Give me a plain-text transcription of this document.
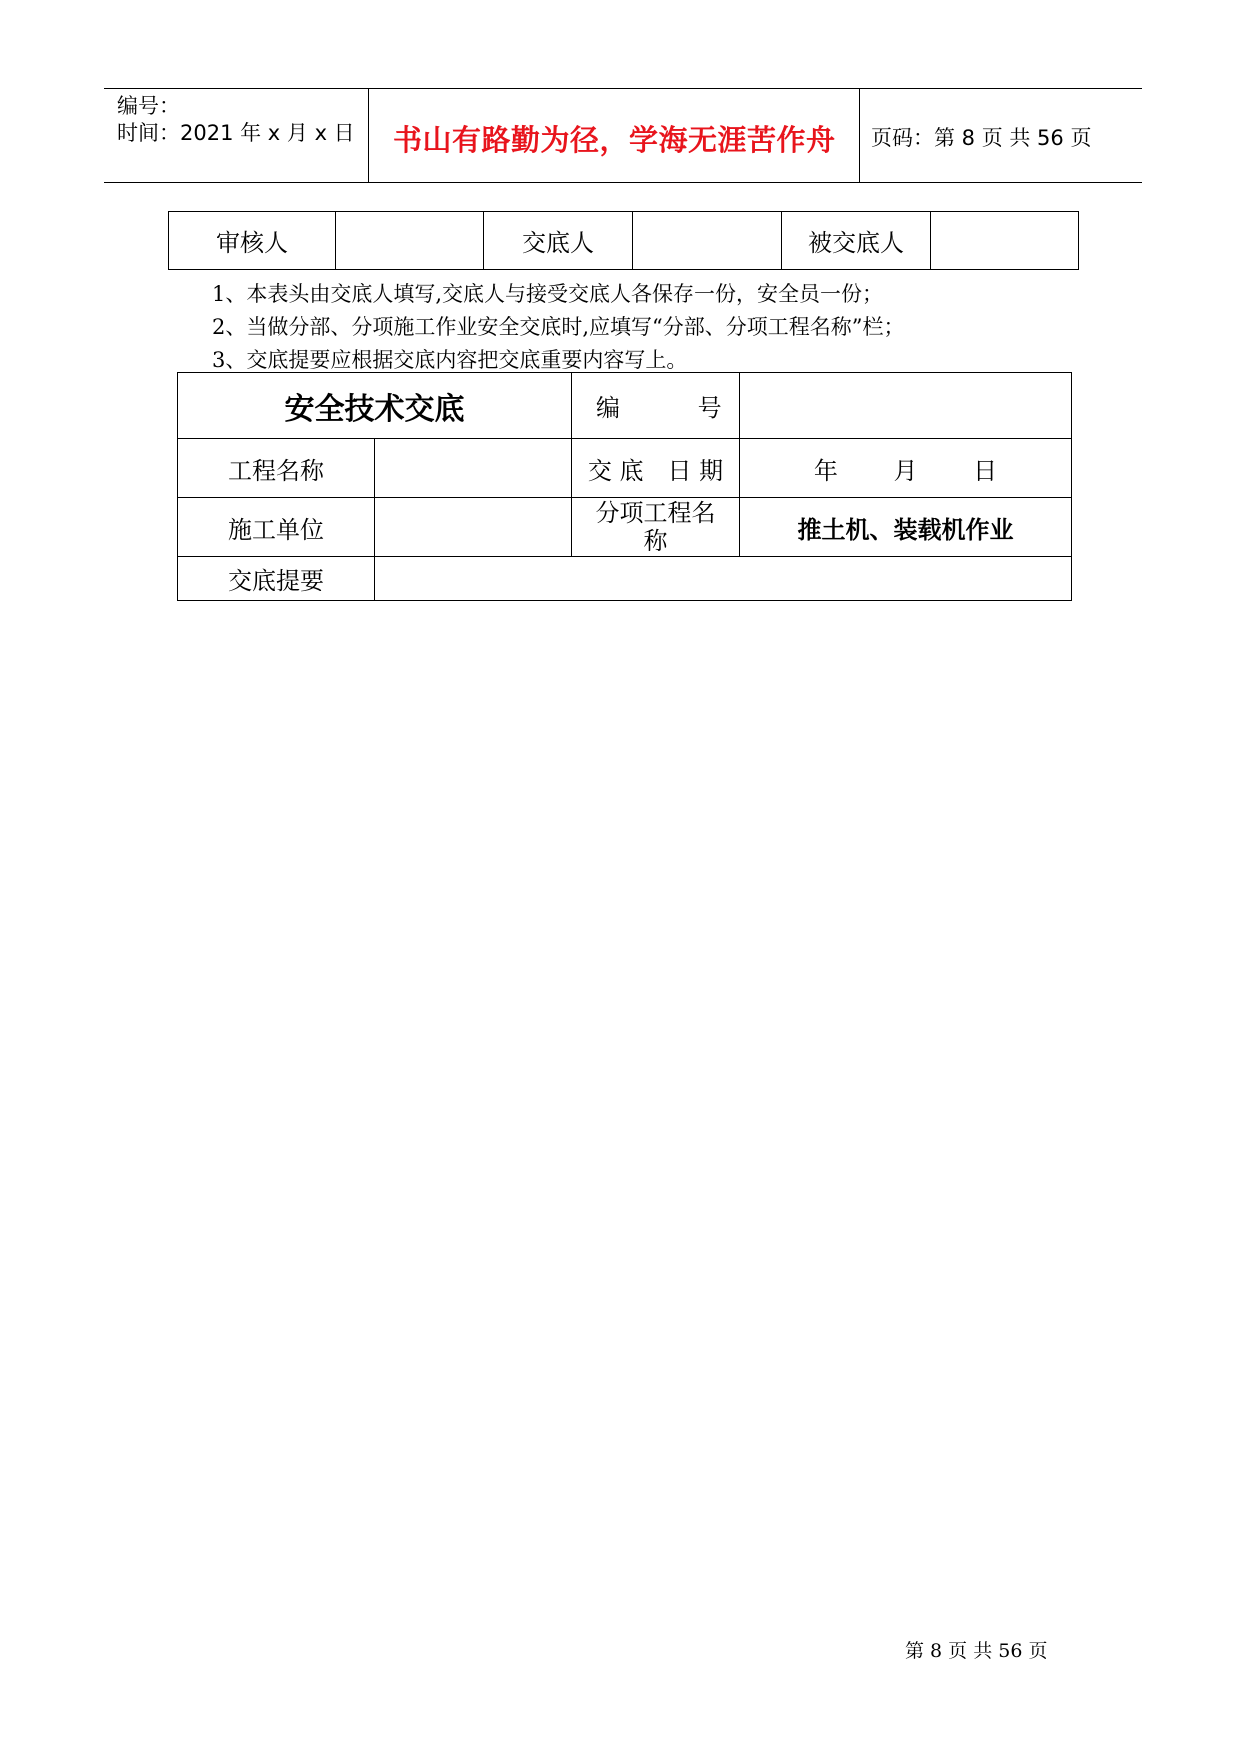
编号：
时间：2021 年 x 月 x 日 书山有路勤为径，学海无涯苦作舟 页码：第 8 页 共 56 页
审核人		交底人		被交底人	
1、本表头由交底人填写,交底人与接受交底人各保存一份，安全员一份；
2、当做分部、分项施工作业安全交底时,应填写“分部、分项工程名称”栏；
3、交底提要应根据交底内容把交底重要内容写上。
安全技术交底		编 号	
工程名称		交 底　日 期	年 月 日
施工单位		分项工程名称	推土机、装载机作业
交底提要			
第 8 页 共 56 页
